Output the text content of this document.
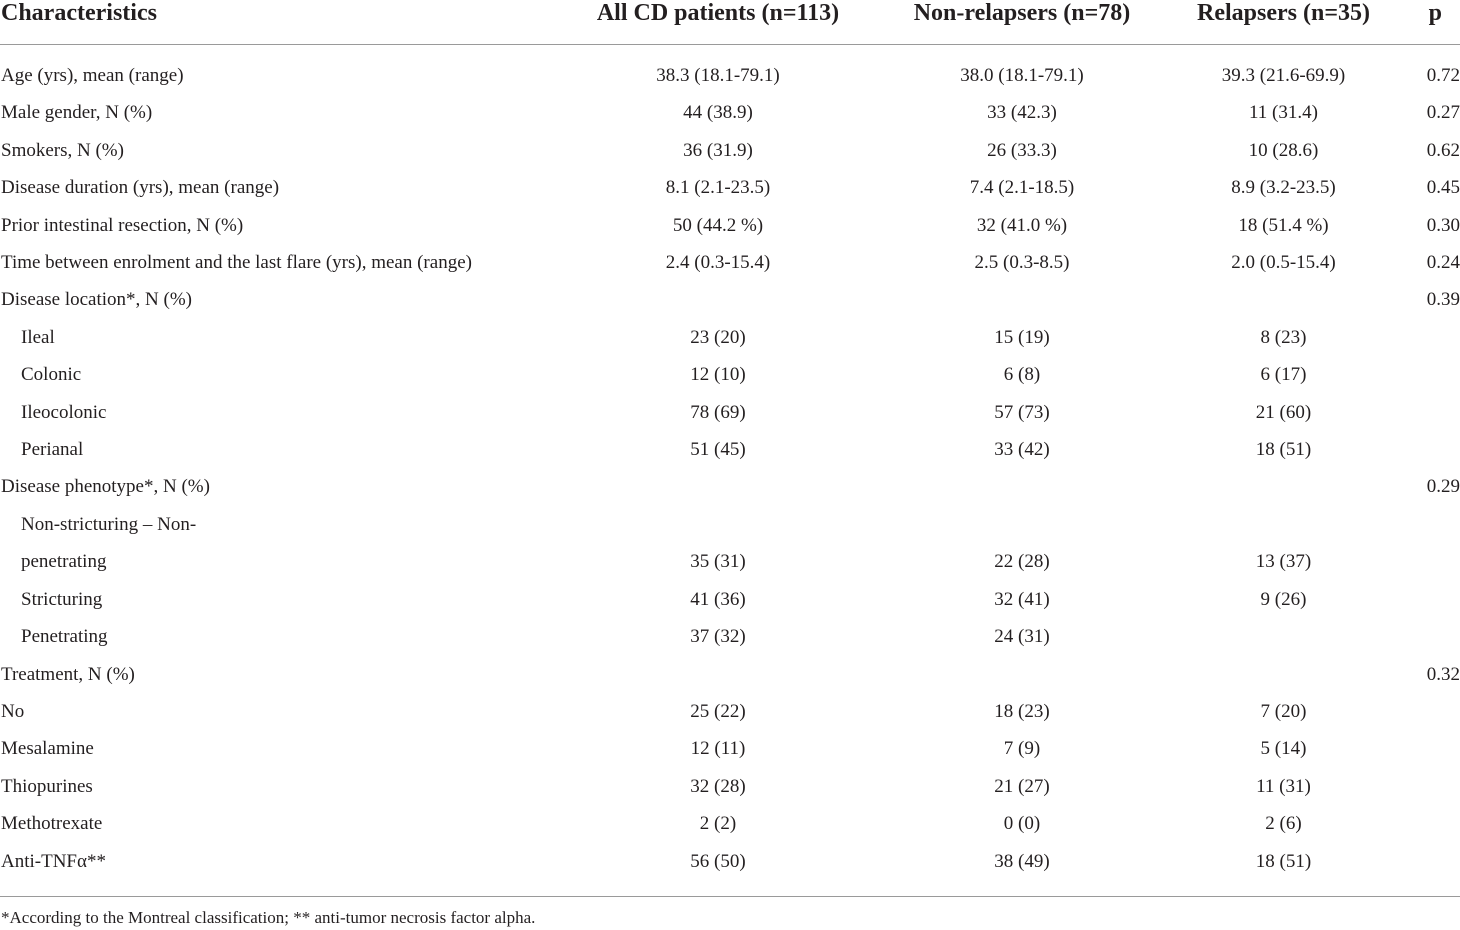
Characteristics	All CD patients (n=113)	Non-relapsers (n=78)	Relapsers (n=35)	p
Age (yrs), mean (range)	38.3 (18.1-79.1)	38.0 (18.1-79.1)	39.3 (21.6-69.9)	0.72
Male gender, N (%)	44 (38.9)	33 (42.3)	11 (31.4)	0.27
Smokers, N (%)	36 (31.9)	26 (33.3)	10 (28.6)	0.62
Disease duration (yrs), mean (range)	8.1 (2.1-23.5)	7.4 (2.1-18.5)	8.9 (3.2-23.5)	0.45
Prior intestinal resection, N (%)	50 (44.2 %)	32 (41.0 %)	18 (51.4 %)	0.30
Time between enrolment and the last flare (yrs), mean (range)	2.4 (0.3-15.4)	2.5 (0.3-8.5)	2.0 (0.5-15.4)	0.24
Disease location*, N (%)				0.39
Ileal	23 (20)	15 (19)	8 (23)	
Colonic	12 (10)	6 (8)	6 (17)	
Ileocolonic	78 (69)	57 (73)	21 (60)	
Perianal	51 (45)	33 (42)	18 (51)	
Disease phenotype*, N (%)				0.29
Non-stricturing – Non-				
penetrating	35 (31)	22 (28)	13 (37)	
Stricturing	41 (36)	32 (41)	9 (26)	
Penetrating	37 (32)	24 (31)		
Treatment, N (%)				0.32
No	25 (22)	18 (23)	7 (20)	
Mesalamine	12 (11)	7 (9)	5 (14)	
Thiopurines	32 (28)	21 (27)	11 (31)	
Methotrexate	2 (2)	0 (0)	2 (6)	
Anti-TNFα**	56 (50)	38 (49)	18 (51)	
*According to the Montreal classification; ** anti-tumor necrosis factor alpha.
